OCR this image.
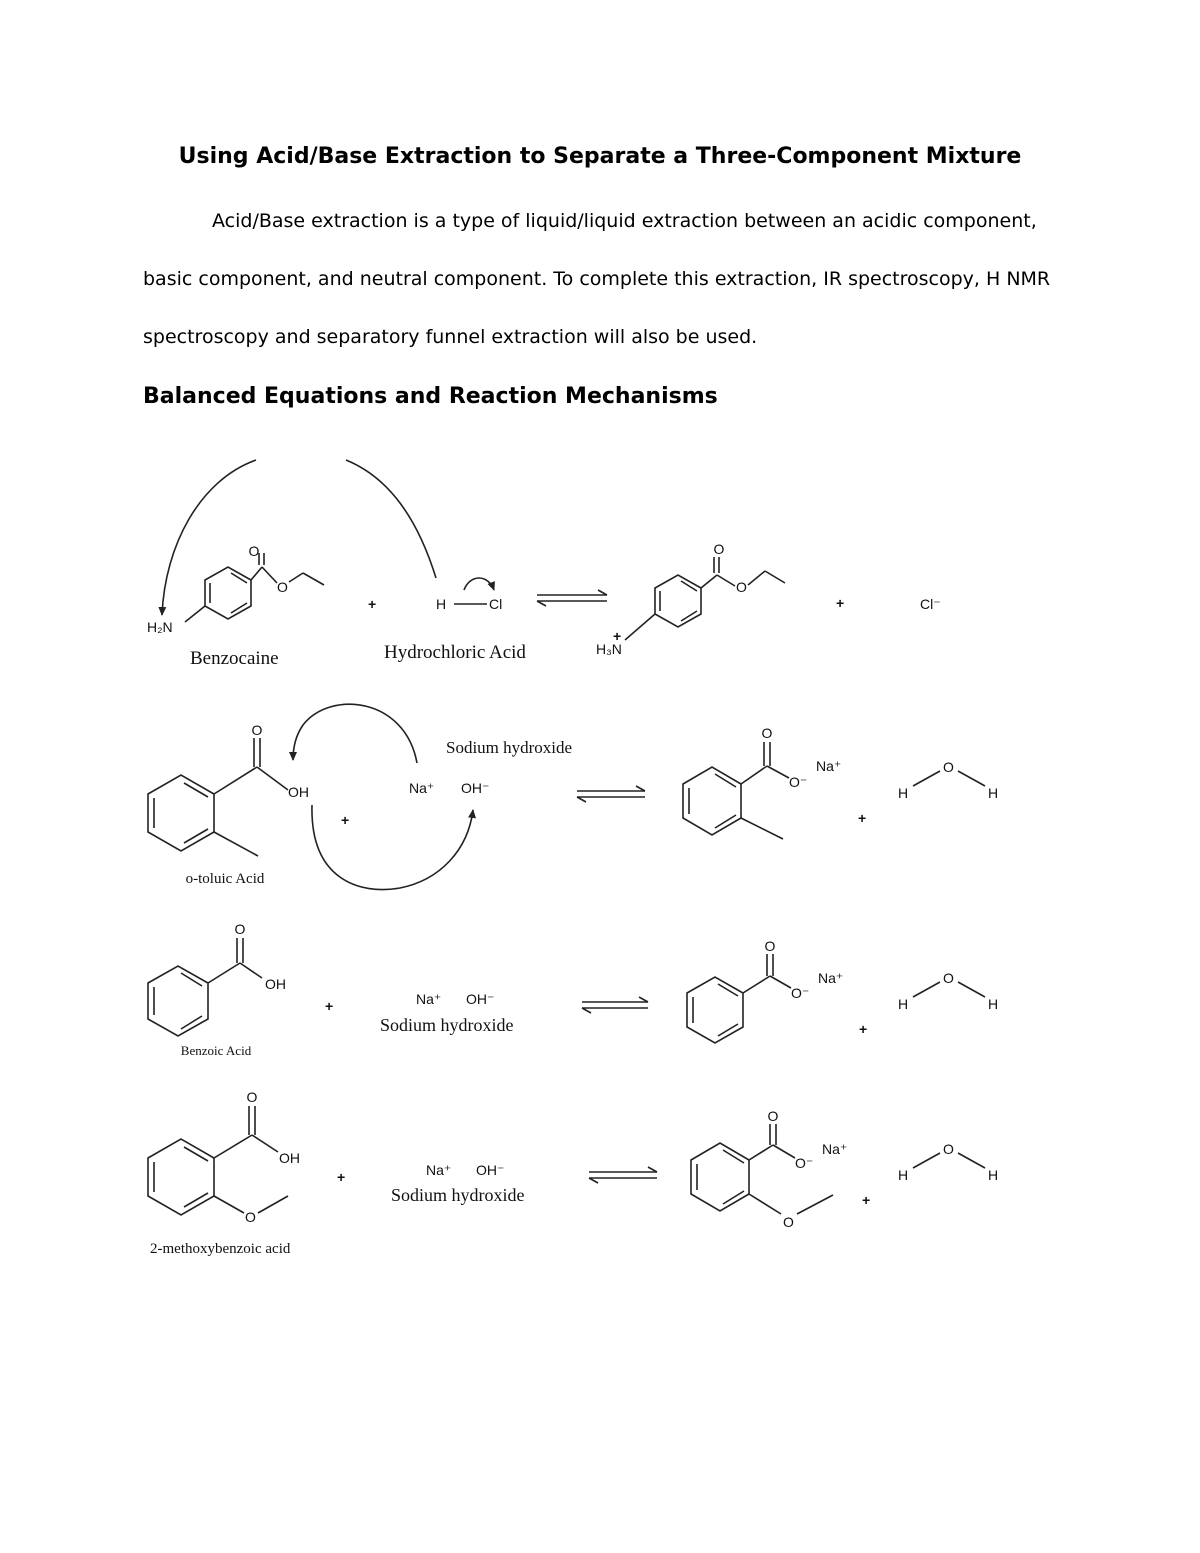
Using Acid/Base Extraction to Separate a Three-Component Mixture
Acid/Base extraction is a type of liquid/liquid extraction between an acidic component,
basic component, and neutral component. To complete this extraction, IR spectroscopy, H NMR
spectroscopy and separatory funnel extraction will also be used.
Balanced Equations and Reaction Mechanisms
O
O
H₂N
Benzocaine
+	H	Cl
Hydrochloric Acid
O
O
H₃N
+
+	Cl⁻
O
OH
o-toluic Acid
+
Sodium hydroxide
Na⁺ OH⁻
O
O⁻
Na⁺
+
H
O
H
O
OH
Benzoic Acid
+	Na⁺ OH⁻
Sodium hydroxide
O
O⁻
Na⁺
+
H
O
H
O
OH
O
2-methoxybenzoic acid
+	Na⁺ OH⁻
Sodium hydroxide
O
O⁻
O
Na⁺
+
H
O
H
